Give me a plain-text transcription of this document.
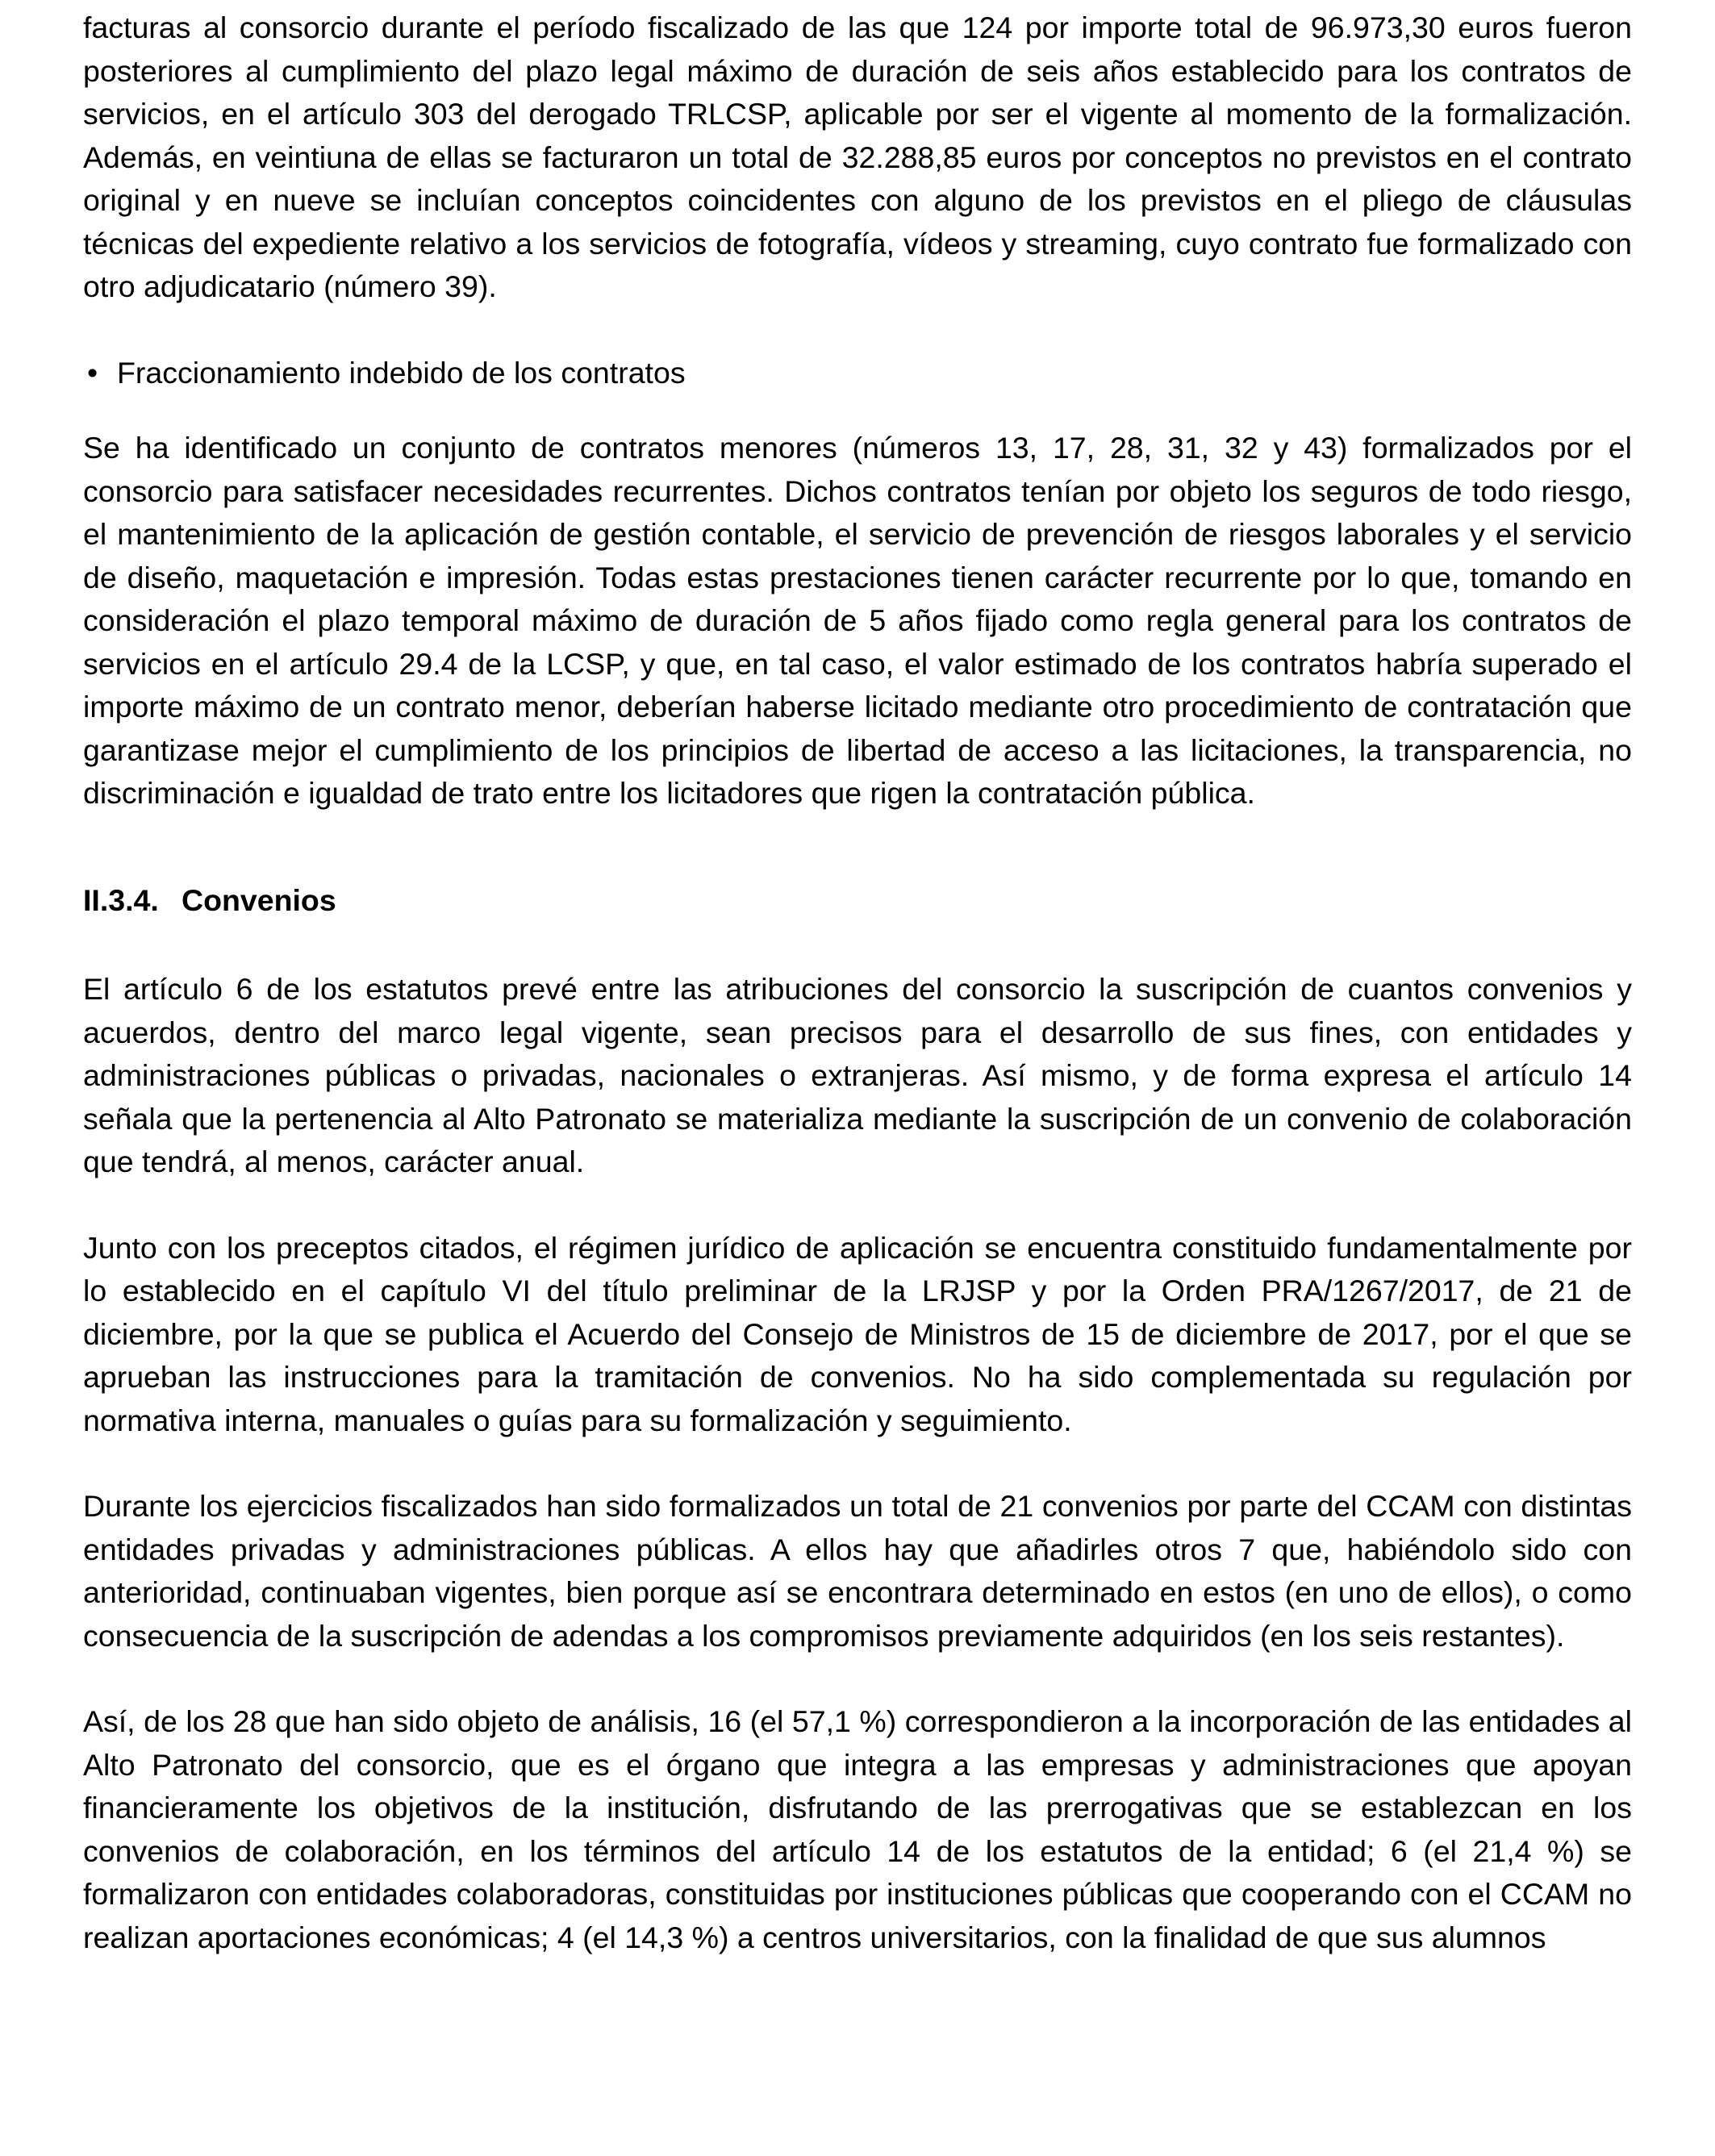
facturas al consorcio durante el período fiscalizado de las que 124 por importe total de 96.973,30 euros fueron posteriores al cumplimiento del plazo legal máximo de duración de seis años establecido para los contratos de servicios, en el artículo 303 del derogado TRLCSP, aplicable por ser el vigente al momento de la formalización. Además, en veintiuna de ellas se facturaron un total de 32.288,85 euros por conceptos no previstos en el contrato original y en nueve se incluían conceptos coincidentes con alguno de los previstos en el pliego de cláusulas técnicas del expediente relativo a los servicios de fotografía, vídeos y streaming, cuyo contrato fue formalizado con otro adjudicatario (número 39).

• Fraccionamiento indebido de los contratos

Se ha identificado un conjunto de contratos menores (números 13, 17, 28, 31, 32 y 43) formalizados por el consorcio para satisfacer necesidades recurrentes. Dichos contratos tenían por objeto los seguros de todo riesgo, el mantenimiento de la aplicación de gestión contable, el servicio de prevención de riesgos laborales y el servicio de diseño, maquetación e impresión. Todas estas prestaciones tienen carácter recurrente por lo que, tomando en consideración el plazo temporal máximo de duración de 5 años fijado como regla general para los contratos de servicios en el artículo 29.4 de la LCSP, y que, en tal caso, el valor estimado de los contratos habría superado el importe máximo de un contrato menor, deberían haberse licitado mediante otro procedimiento de contratación que garantizase mejor el cumplimiento de los principios de libertad de acceso a las licitaciones, la transparencia, no discriminación e igualdad de trato entre los licitadores que rigen la contratación pública.

II.3.4. Convenios

El artículo 6 de los estatutos prevé entre las atribuciones del consorcio la suscripción de cuantos convenios y acuerdos, dentro del marco legal vigente, sean precisos para el desarrollo de sus fines, con entidades y administraciones públicas o privadas, nacionales o extranjeras. Así mismo, y de forma expresa el artículo 14 señala que la pertenencia al Alto Patronato se materializa mediante la suscripción de un convenio de colaboración que tendrá, al menos, carácter anual.

Junto con los preceptos citados, el régimen jurídico de aplicación se encuentra constituido fundamentalmente por lo establecido en el capítulo VI del título preliminar de la LRJSP y por la Orden PRA/1267/2017, de 21 de diciembre, por la que se publica el Acuerdo del Consejo de Ministros de 15 de diciembre de 2017, por el que se aprueban las instrucciones para la tramitación de convenios. No ha sido complementada su regulación por normativa interna, manuales o guías para su formalización y seguimiento.

Durante los ejercicios fiscalizados han sido formalizados un total de 21 convenios por parte del CCAM con distintas entidades privadas y administraciones públicas. A ellos hay que añadirles otros 7 que, habiéndolo sido con anterioridad, continuaban vigentes, bien porque así se encontrara determinado en estos (en uno de ellos), o como consecuencia de la suscripción de adendas a los compromisos previamente adquiridos (en los seis restantes).

Así, de los 28 que han sido objeto de análisis, 16 (el 57,1 %) correspondieron a la incorporación de las entidades al Alto Patronato del consorcio, que es el órgano que integra a las empresas y administraciones que apoyan financieramente los objetivos de la institución, disfrutando de las prerrogativas que se establezcan en los convenios de colaboración, en los términos del artículo 14 de los estatutos de la entidad; 6 (el 21,4 %) se formalizaron con entidades colaboradoras, constituidas por instituciones públicas que cooperando con el CCAM no realizan aportaciones económicas; 4 (el 14,3 %) a centros universitarios, con la finalidad de que sus alumnos
